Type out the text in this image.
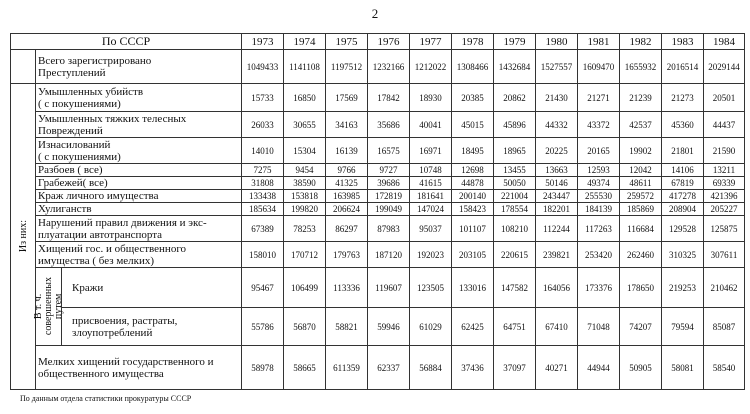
2
По СССР			1973	1974	1975	1976	1977	1978	1979	1980	1981	1982	1983	1984
	Всего зарегистрировано
Преступлений		1049433	1141108	1197512	1232166	1212022	1308466	1432684	1527557	1609470	1655932	2016514	2029144

Из них:	Умышленных убийств
( с покушениями)		15733	16850	17569	17842	18930	20385	20862	21430	21271	21239	21273	20501
	Умышленных тяжких телесных
Повреждений		26033	30655	34163	35686	40041	45015	45896	44332	43372	42537	45360	44437
	Изнасилований
( с покушениями)		14010	15304	16139	16575	16971	18495	18965	20225	20165	19902	21801	21590
	Разбоев ( все)		7275	9454	9766	9727	10748	12698	13455	13663	12593	12042	14106	13211
	Грабежей( все)		31808	38590	41325	39686	41615	44878	50050	50146	49374	48611	67819	69339
	Краж личного имущества		133438	153818	163985	172819	181641	200140	221004	243447	255530	259572	417278	421396
	Хулиганств		185634	199820	206624	199049	147024	158423	178554	182201	184139	185869	208904	205227
	Нарушений правил движения и экс-
плуатации автотранспорта		67389	78253	86297	87983	95037	101107	108210	112244	117263	116684	129528	125875
	Хищений гос. и общественного
имущества ( без мелких)		158010	170712	179763	187120	192023	203105	220615	239821	253420	262460	310325	307611

	В т. ч.
совершенных
путем	Кражи	95467	106499	113336	119607	123505	133016	147582	164056	173376	178650	219253	210462
		присвоения, растраты,
злоупотреблений	55786	56870	58821	59946	61029	62425	64751	67410	71048	74207	79594	85087
	Мелких хищений государственного и
общественного имущества		58978	58665	611359	62337	56884	37436	37097	40271	44944	50905	58081	58540
По данным отдела статистики прокуратуры СССР
